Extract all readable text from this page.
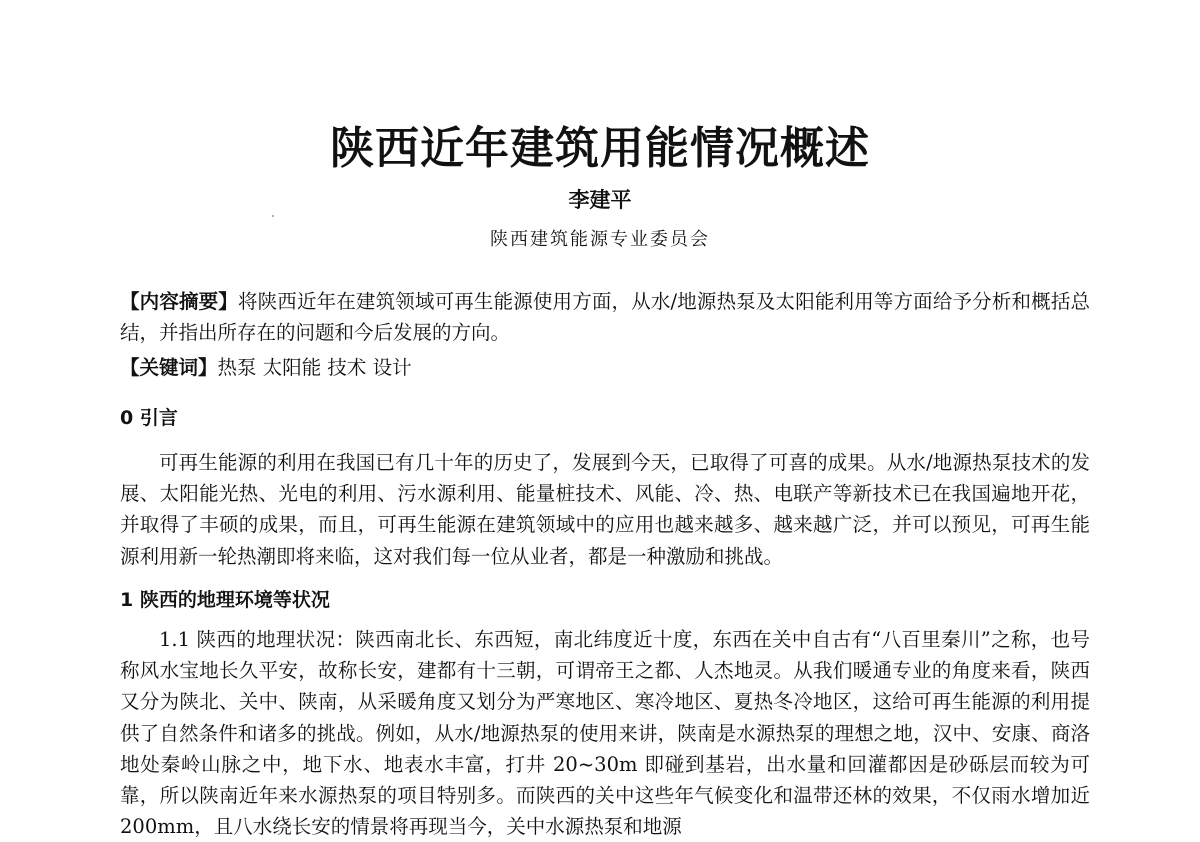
陕西近年建筑用能情况概述
李建平
陕西建筑能源专业委员会
【内容摘要】将陕西近年在建筑领域可再生能源使用方面，从水/地源热泵及太阳能利用等方面给予分析和概括总结，并指出所存在的问题和今后发展的方向。
【关键词】热泵 太阳能 技术 设计
0 引言

可再生能源的利用在我国已有几十年的历史了，发展到今天，已取得了可喜的成果。从水/地源热泵技术的发展、太阳能光热、光电的利用、污水源利用、能量桩技术、风能、冷、热、电联产等新技术已在我国遍地开花，并取得了丰硕的成果，而且，可再生能源在建筑领域中的应用也越来越多、越来越广泛，并可以预见，可再生能源利用新一轮热潮即将来临，这对我们每一位从业者，都是一种激励和挑战。

1 陕西的地理环境等状况

1.1 陕西的地理状况：陕西南北长、东西短，南北纬度近十度，东西在关中自古有“八百里秦川”之称，也号称风水宝地长久平安，故称长安，建都有十三朝，可谓帝王之都、人杰地灵。从我们暖通专业的角度来看，陕西又分为陕北、关中、陕南，从采暖角度又划分为严寒地区、寒冷地区、夏热冬冷地区，这给可再生能源的利用提供了自然条件和诸多的挑战。例如，从水/地源热泵的使用来讲，陕南是水源热泵的理想之地，汉中、安康、商洛地处秦岭山脉之中，地下水、地表水丰富，打井 20~30m 即碰到基岩，出水量和回灌都因是砂砾层而较为可靠，所以陕南近年来水源热泵的项目特别多。而陕西的关中这些年气候变化和温带还林的效果，不仅雨水增加近 200mm，且八水绕长安的情景将再现当今，关中水源热泵和地源
